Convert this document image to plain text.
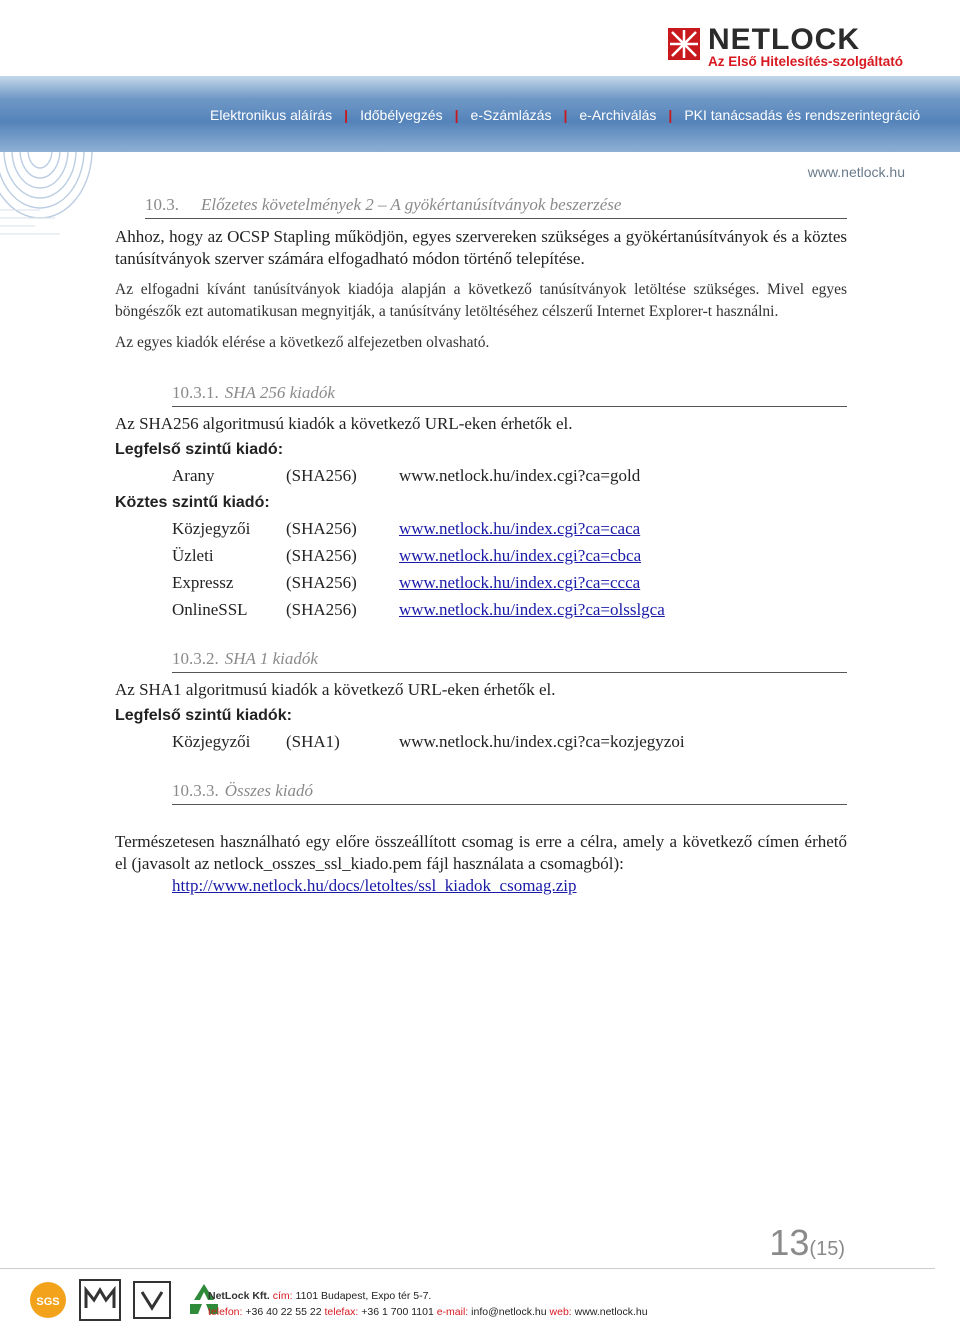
NETLOCK
Az Első Hitelesítés-szolgáltató
Elektronikus aláírás | Időbélyegzés | e-Számlázás | e-Archiválás | PKI tanácsadás és rendszerintegráció
www.netlock.hu
10.3. Előzetes követelmények 2 – A gyökértanúsítványok beszerzése

Ahhoz, hogy az OCSP Stapling működjön, egyes szervereken szükséges a gyökértanúsítványok és a köztes tanúsítványok szerver számára elfogadható módon történő telepítése.

Az elfogadni kívánt tanúsítványok kiadója alapján a következő tanúsítványok letöltése szükséges. Mivel egyes böngészők ezt automatikusan megnyitják, a tanúsítvány letöltéséhez célszerű Internet Explorer-t használni.

Az egyes kiadók elérése a következő alfejezetben olvasható.

10.3.1. SHA 256 kiadók

Az SHA256 algoritmusú kiadók a következő URL-eken érhetők el.

Legfelső szintű kiadó:

Arany	(SHA256) www.netlock.hu/index.cgi?ca=gold

Köztes szintű kiadó:

Közjegyzői (SHA256) www.netlock.hu/index.cgi?ca=caca
Üzleti	(SHA256) www.netlock.hu/index.cgi?ca=cbca
Expressz	(SHA256) www.netlock.hu/index.cgi?ca=ccca
OnlineSSL (SHA256) www.netlock.hu/index.cgi?ca=olsslgca
10.3.2. SHA 1 kiadók

Az SHA1 algoritmusú kiadók a következő URL-eken érhetők el.

Legfelső szintű kiadók:

Közjegyzői (SHA1)	www.netlock.hu/index.cgi?ca=kozjegyzoi
10.3.3. Összes kiadó

Természetesen használható egy előre összeállított csomag is erre a célra, amely a következő címen érhető el (javasolt az netlock_osszes_ssl_kiado.pem fájl használata a csomagból):

http://www.netlock.hu/docs/letoltes/ssl_kiadok_csomag.zip

13(15)
SGS	NetLock Kft. cím: 1101 Budapest, Expo tér 5-7.
telefon: +36 40 22 55 22 telefax: +36 1 700 1101 e-mail: info@netlock.hu web: www.netlock.hu
